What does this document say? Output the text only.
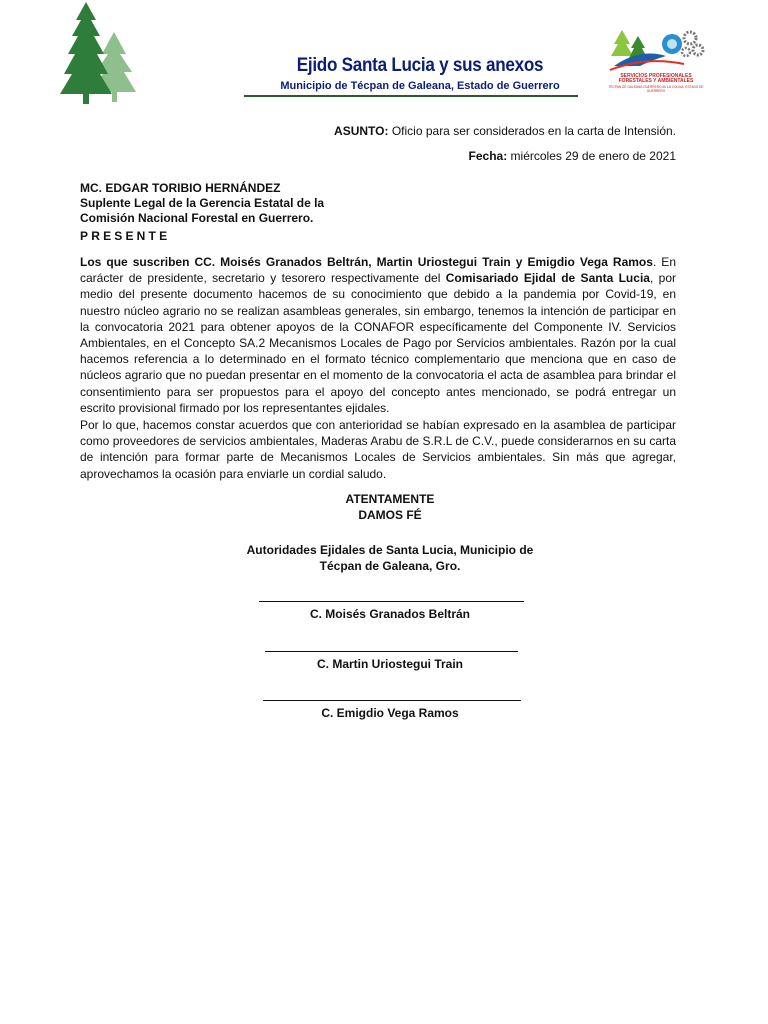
Ejido Santa Lucia y sus anexos
Municipio de Técpan de Galeana, Estado de Guerrero
SERVICIOS PROFESIONALES
FORESTALES Y AMBIENTALES
TÉCPAN DE GALEANA GUERRERO AV LA COLINA, ESTADO DE GUERRERO
ASUNTO: Oficio para ser considerados en la carta de Intensión.
Fecha: miércoles 29 de enero de 2021
MC. EDGAR TORIBIO HERNÁNDEZ
Suplente Legal de la Gerencia Estatal de la
Comisión Nacional Forestal en Guerrero.
PRESENTE
Los que suscriben CC. Moisés Granados Beltrán, Martin Uriostegui Train y Emigdio Vega Ramos. En carácter de presidente, secretario y tesorero respectivamente del Comisariado Ejidal de Santa Lucia, por medio del presente documento hacemos de su conocimiento que debido a la pandemia por Covid-19, en nuestro núcleo agrario no se realizan asambleas generales, sin embargo, tenemos la intención de participar en la convocatoria 2021 para obtener apoyos de la CONAFOR específicamente del Componente IV. Servicios Ambientales, en el Concepto SA.2 Mecanismos Locales de Pago por Servicios ambientales. Razón por la cual hacemos referencia a lo determinado en el formato técnico complementario que menciona que en caso de núcleos agrario que no puedan presentar en el momento de la convocatoria el acta de asamblea para brindar el consentimiento para ser propuestos para el apoyo del concepto antes mencionado, se podrá entregar un escrito provisional firmado por los representantes ejidales.
Por lo que, hacemos constar acuerdos que con anterioridad se habían expresado en la asamblea de participar como proveedores de servicios ambientales, Maderas Arabu de S.R.L de C.V., puede considerarnos en su carta de intención para formar parte de Mecanismos Locales de Servicios ambientales. Sin más que agregar, aprovechamos la ocasión para enviarle un cordial saludo.
ATENTAMENTE
DAMOS FÉ
Autoridades Ejidales de Santa Lucia, Municipio de
Técpan de Galeana, Gro.
C. Moisés Granados Beltrán
C. Martin Uriostegui Train
C. Emigdio Vega Ramos
